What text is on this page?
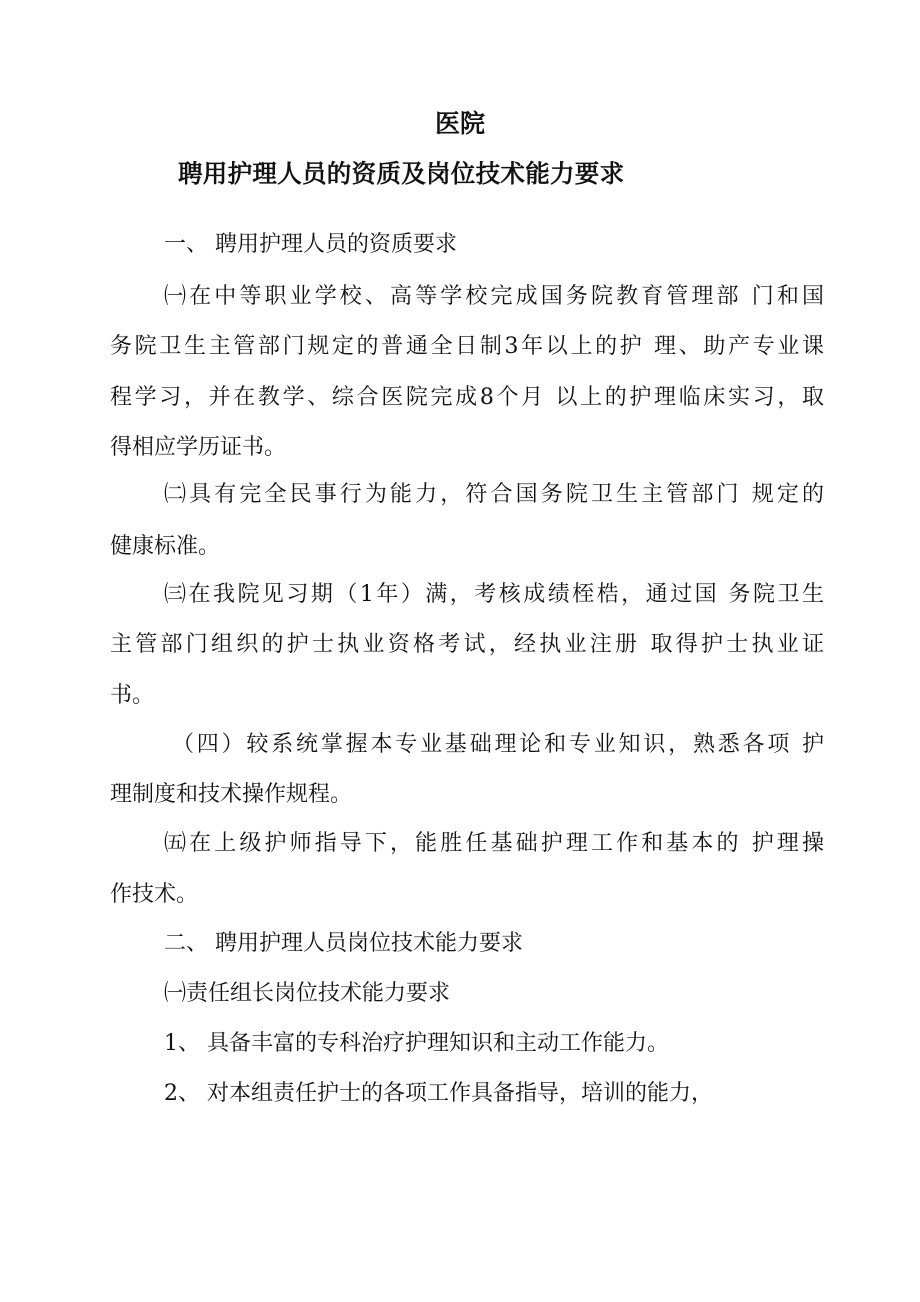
医院
聘用护理人员的资质及岗位技术能力要求
一、 聘用护理人员的资质要求
㈠在中等职业学校、高等学校完成国务院教育管理部 门和国
务院卫生主管部门规定的普通全日制3年以上的护 理、助产专业课
程学习，并在教学、综合医院完成8个月 以上的护理临床实习，取
得相应学历证书。
㈡具有完全民事行为能力，符合国务院卫生主管部门 规定的
健康标准。
㈢在我院见习期（1年）满，考核成绩桎梏，通过国 务院卫生
主管部门组织的护士执业资格考试，经执业注册 取得护士执业证
书。
（四）较系统掌握本专业基础理论和专业知识，熟悉各项 护
理制度和技术操作规程。
㈤在上级护师指导下，能胜任基础护理工作和基本的 护理操
作技术。
二、 聘用护理人员岗位技术能力要求
㈠责任组长岗位技术能力要求
1、 具备丰富的专科治疗护理知识和主动工作能力。
2、 对本组责任护士的各项工作具备指导，培训的能力，
